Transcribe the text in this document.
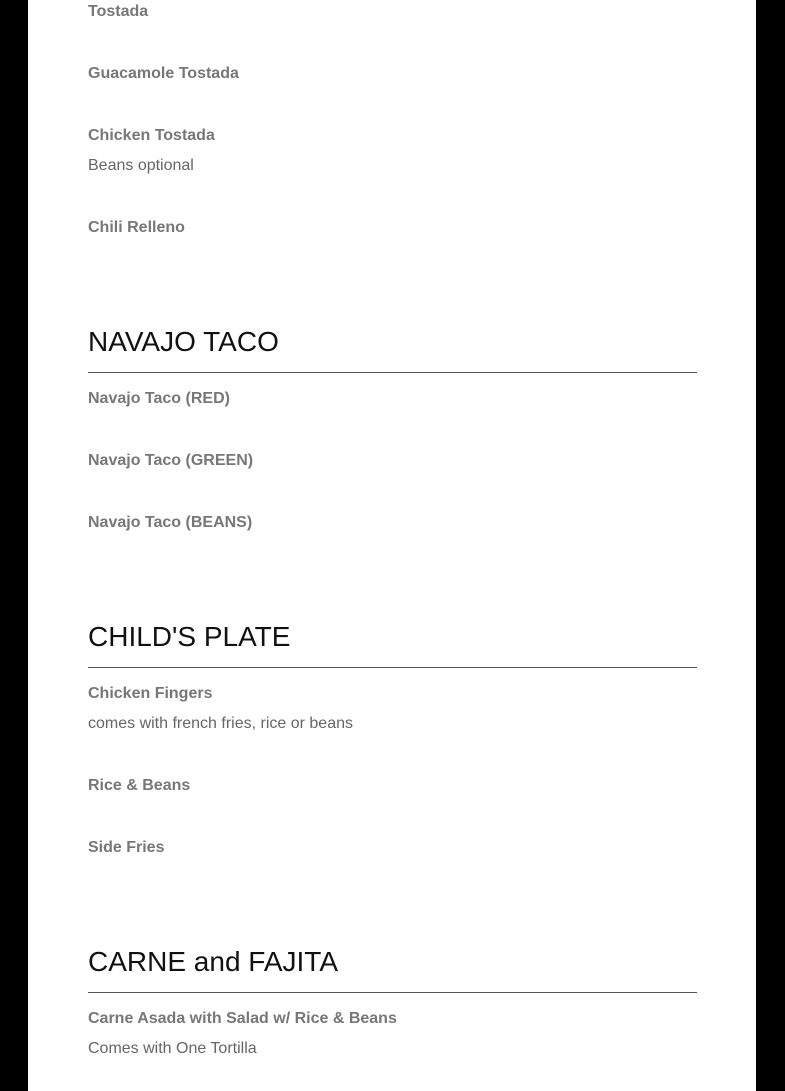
Tostada
Guacamole Tostada
Chicken Tostada
Beans optional
Chili Relleno
NAVAJO TACO
Navajo Taco (RED)
Navajo Taco (GREEN)
Navajo Taco (BEANS)
CHILD'S PLATE
Chicken Fingers
comes with french fries, rice or beans
Rice & Beans
Side Fries
CARNE and FAJITA
Carne Asada with Salad w/ Rice & Beans
Comes with One Tortilla
